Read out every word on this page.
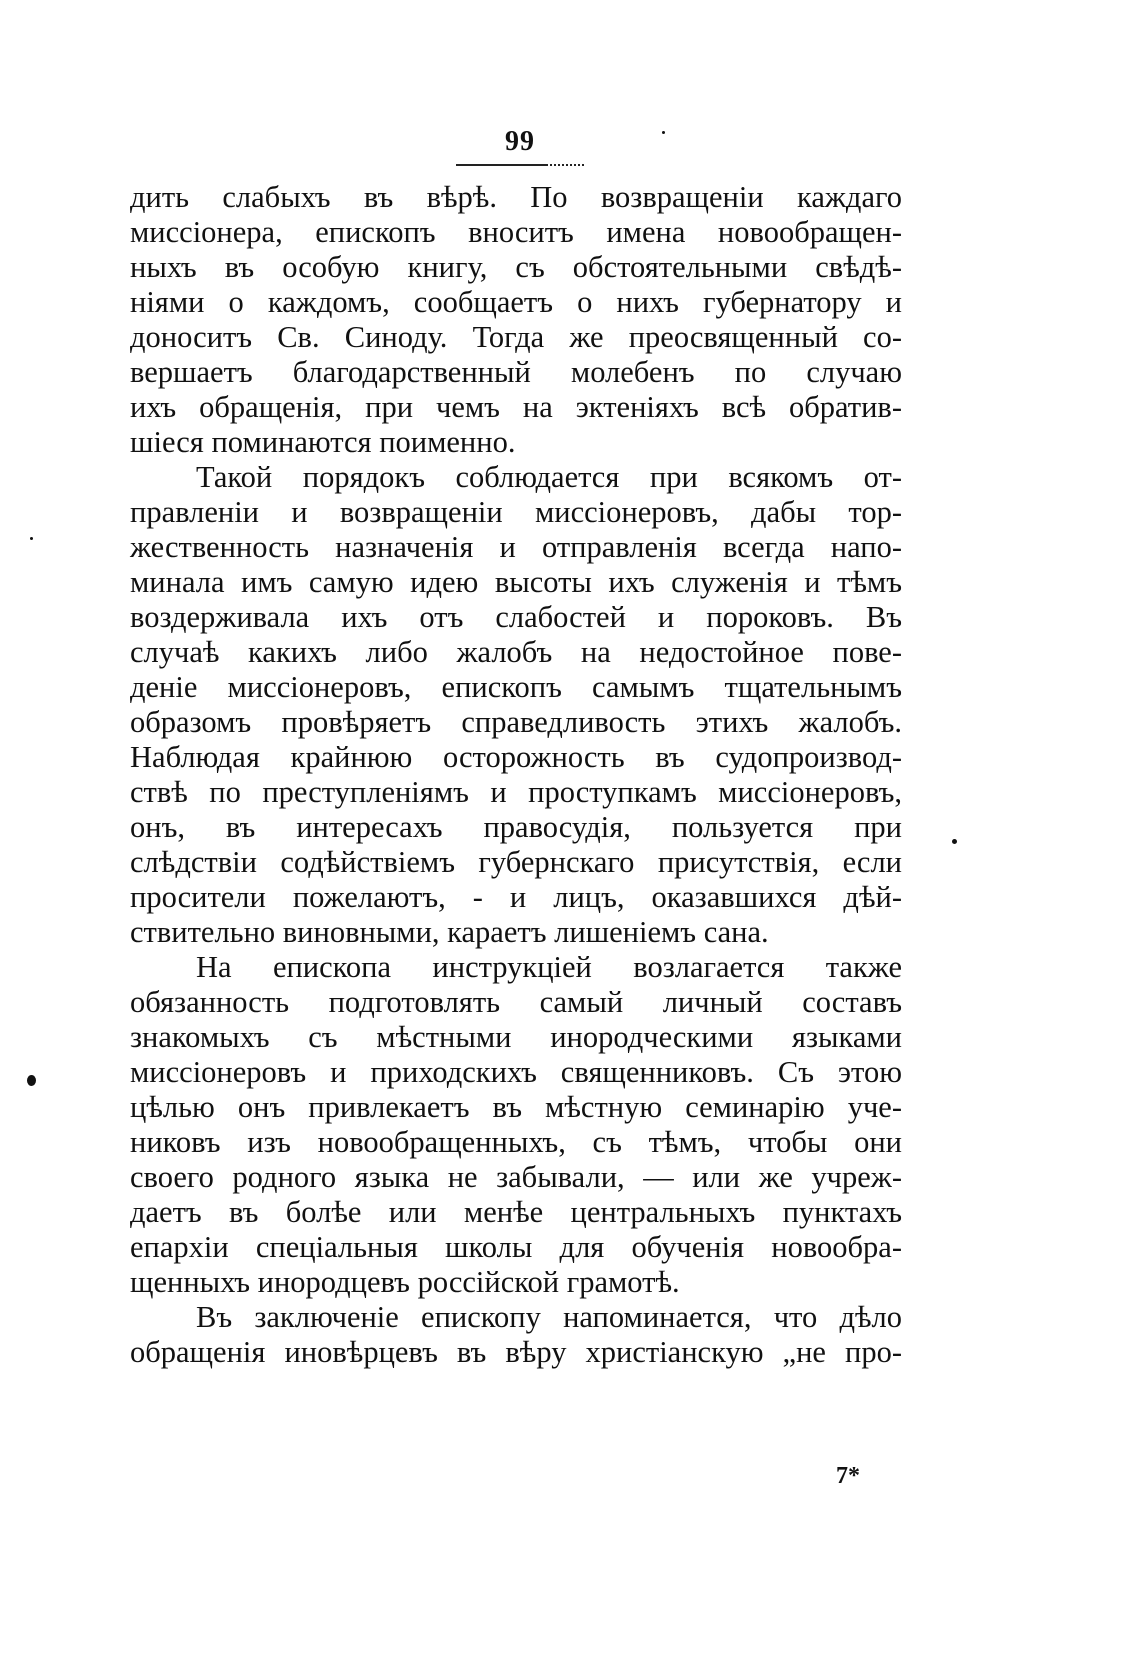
99
дить слабыхъ въ вѣрѣ. По возвращеніи каждаго
миссіонера, епископъ вноситъ имена новообращен-
ныхъ въ особую книгу, съ обстоятельными свѣдѣ-
ніями о каждомъ, сообщаетъ о нихъ губернатору и
доноситъ Св. Синоду. Тогда же преосвященный со-
вершаетъ благодарственный молебенъ по случаю
ихъ обращенія, при чемъ на эктеніяхъ всѣ обратив-
шіеся поминаются поименно.
Такой порядокъ соблюдается при всякомъ от-
правленіи и возвращеніи миссіонеровъ, дабы тор-
жественность назначенія и отправленія всегда напо-
минала имъ самую идею высоты ихъ служенія и тѣмъ
воздерживала ихъ отъ слабостей и пороковъ. Въ
случаѣ какихъ либо жалобъ на недостойное пове-
деніе миссіонеровъ, епископъ самымъ тщательнымъ
образомъ провѣряетъ справедливость этихъ жалобъ.
Наблюдая крайнюю осторожность въ судопроизвод-
ствѣ по преступленіямъ и проступкамъ миссіонеровъ,
онъ, въ интересахъ правосудія, пользуется при
слѣдствіи содѣйствіемъ губернскаго присутствія, если
просители пожелаютъ, - и лицъ, оказавшихся дѣй-
ствительно виновными, караетъ лишеніемъ сана.
На епископа инструкціей возлагается также
обязанность подготовлять самый личный составъ
знакомыхъ съ мѣстными инородческими языками
миссіонеровъ и приходскихъ священниковъ. Съ этою
цѣлью онъ привлекаетъ въ мѣстную семинарію уче-
никовъ изъ новообращенныхъ, съ тѣмъ, чтобы они
своего родного языка не забывали, — или же учреж-
даетъ въ болѣе или менѣе центральныхъ пунктахъ
епархіи спеціальныя школы для обученія новообра-
щенныхъ инородцевъ россійской грамотѣ.
Въ заключеніе епископу напоминается, что дѣло
обращенія иновѣрцевъ въ вѣру христіанскую „не про-
7*
